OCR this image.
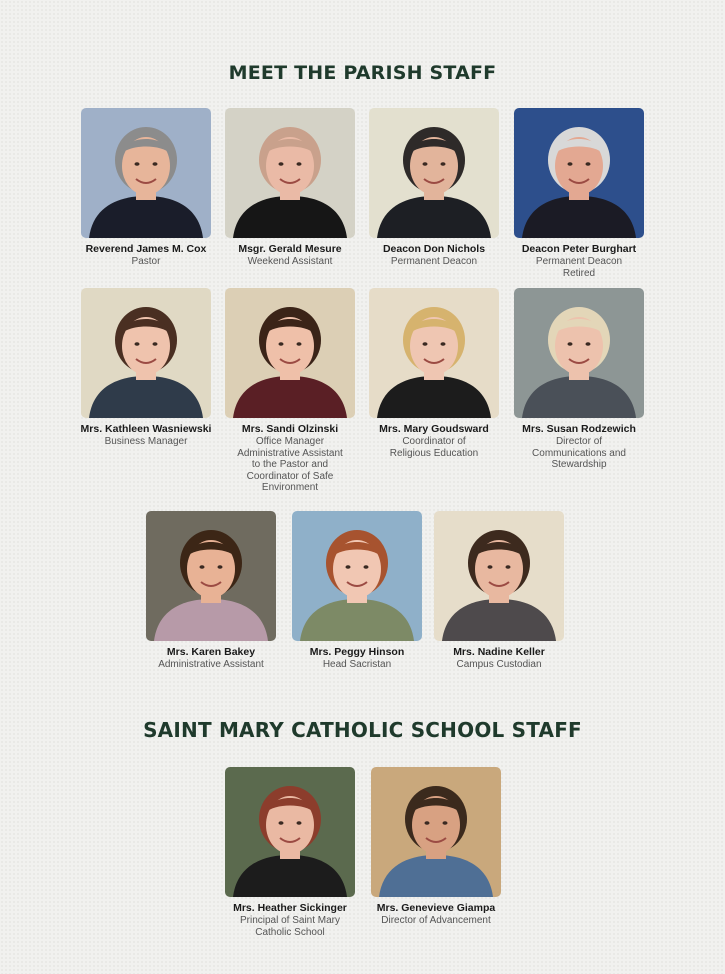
MEET THE PARISH STAFF
Reverend James M. Cox
Pastor
Msgr. Gerald Mesure
Weekend Assistant
Deacon Don Nichols
Permanent Deacon
Deacon Peter Burghart
Permanent Deacon
Retired
Mrs. Kathleen Wasniewski
Business Manager
Mrs. Sandi Olzinski
Office Manager
Administrative Assistant
to the Pastor and
Coordinator of Safe
Environment
Mrs. Mary Goudsward
Coordinator of
Religious Education
Mrs. Susan Rodzewich
Director of
Communications and
Stewardship
Mrs. Karen Bakey
Administrative Assistant
Mrs. Peggy Hinson
Head Sacristan
Mrs. Nadine Keller
Campus Custodian
SAINT MARY CATHOLIC SCHOOL STAFF
Mrs. Heather Sickinger
Principal of Saint Mary
Catholic School
Mrs. Genevieve Giampa
Director of Advancement
